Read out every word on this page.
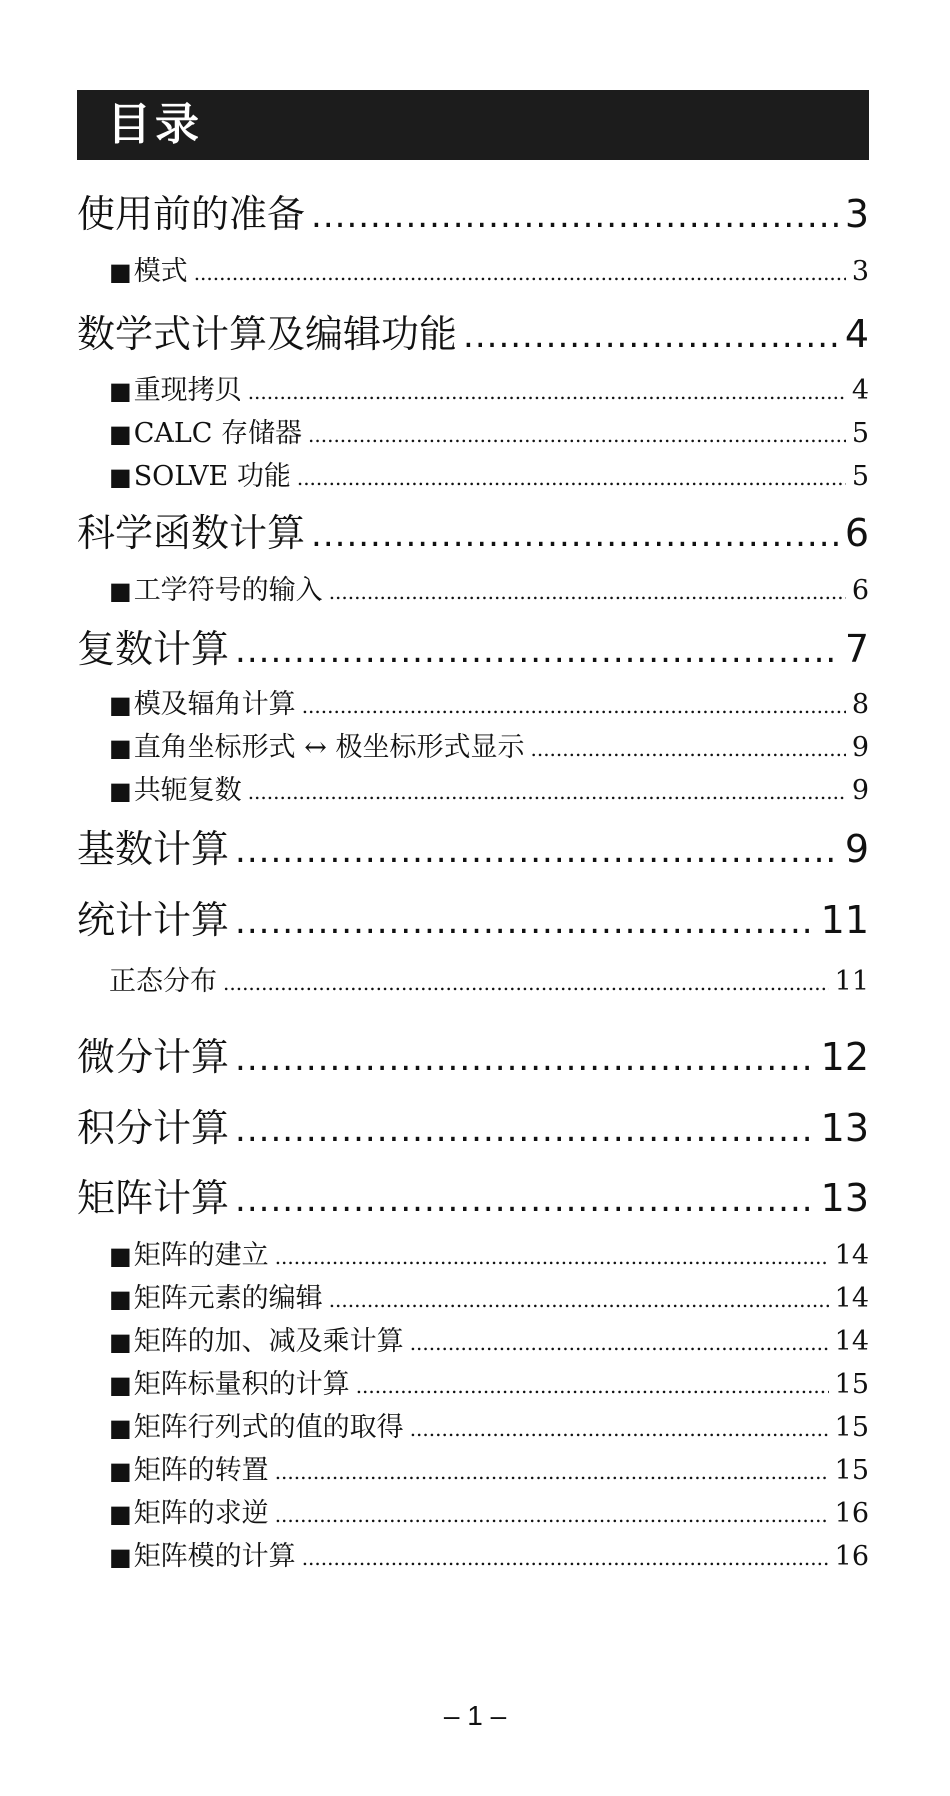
目录
使用前的准备 .....	3
■模式 .....	3
数学式计算及编辑功能 .....	4
■重现拷贝 .....	4
■CALC 存储器 .....	5
■SOLVE 功能 .....	5
科学函数计算 .....	6
■工学符号的输入 .....	6
复数计算 .....	7
■模及辐角计算 .....	8
■直角坐标形式 ↔ 极坐标形式显示 .....	9
■共轭复数 .....	9
基数计算 .....	9
统计计算 .....	11
正态分布 .....	11
微分计算 .....	12
积分计算 .....	13
矩阵计算 .....	13
■矩阵的建立 .....	14
■矩阵元素的编辑 .....	14
■矩阵的加、减及乘计算 .....	14
■矩阵标量积的计算 .....	15
■矩阵行列式的值的取得 .....	15
■矩阵的转置 .....	15
■矩阵的求逆 .....	16
■矩阵模的计算 .....	16
– 1 –
